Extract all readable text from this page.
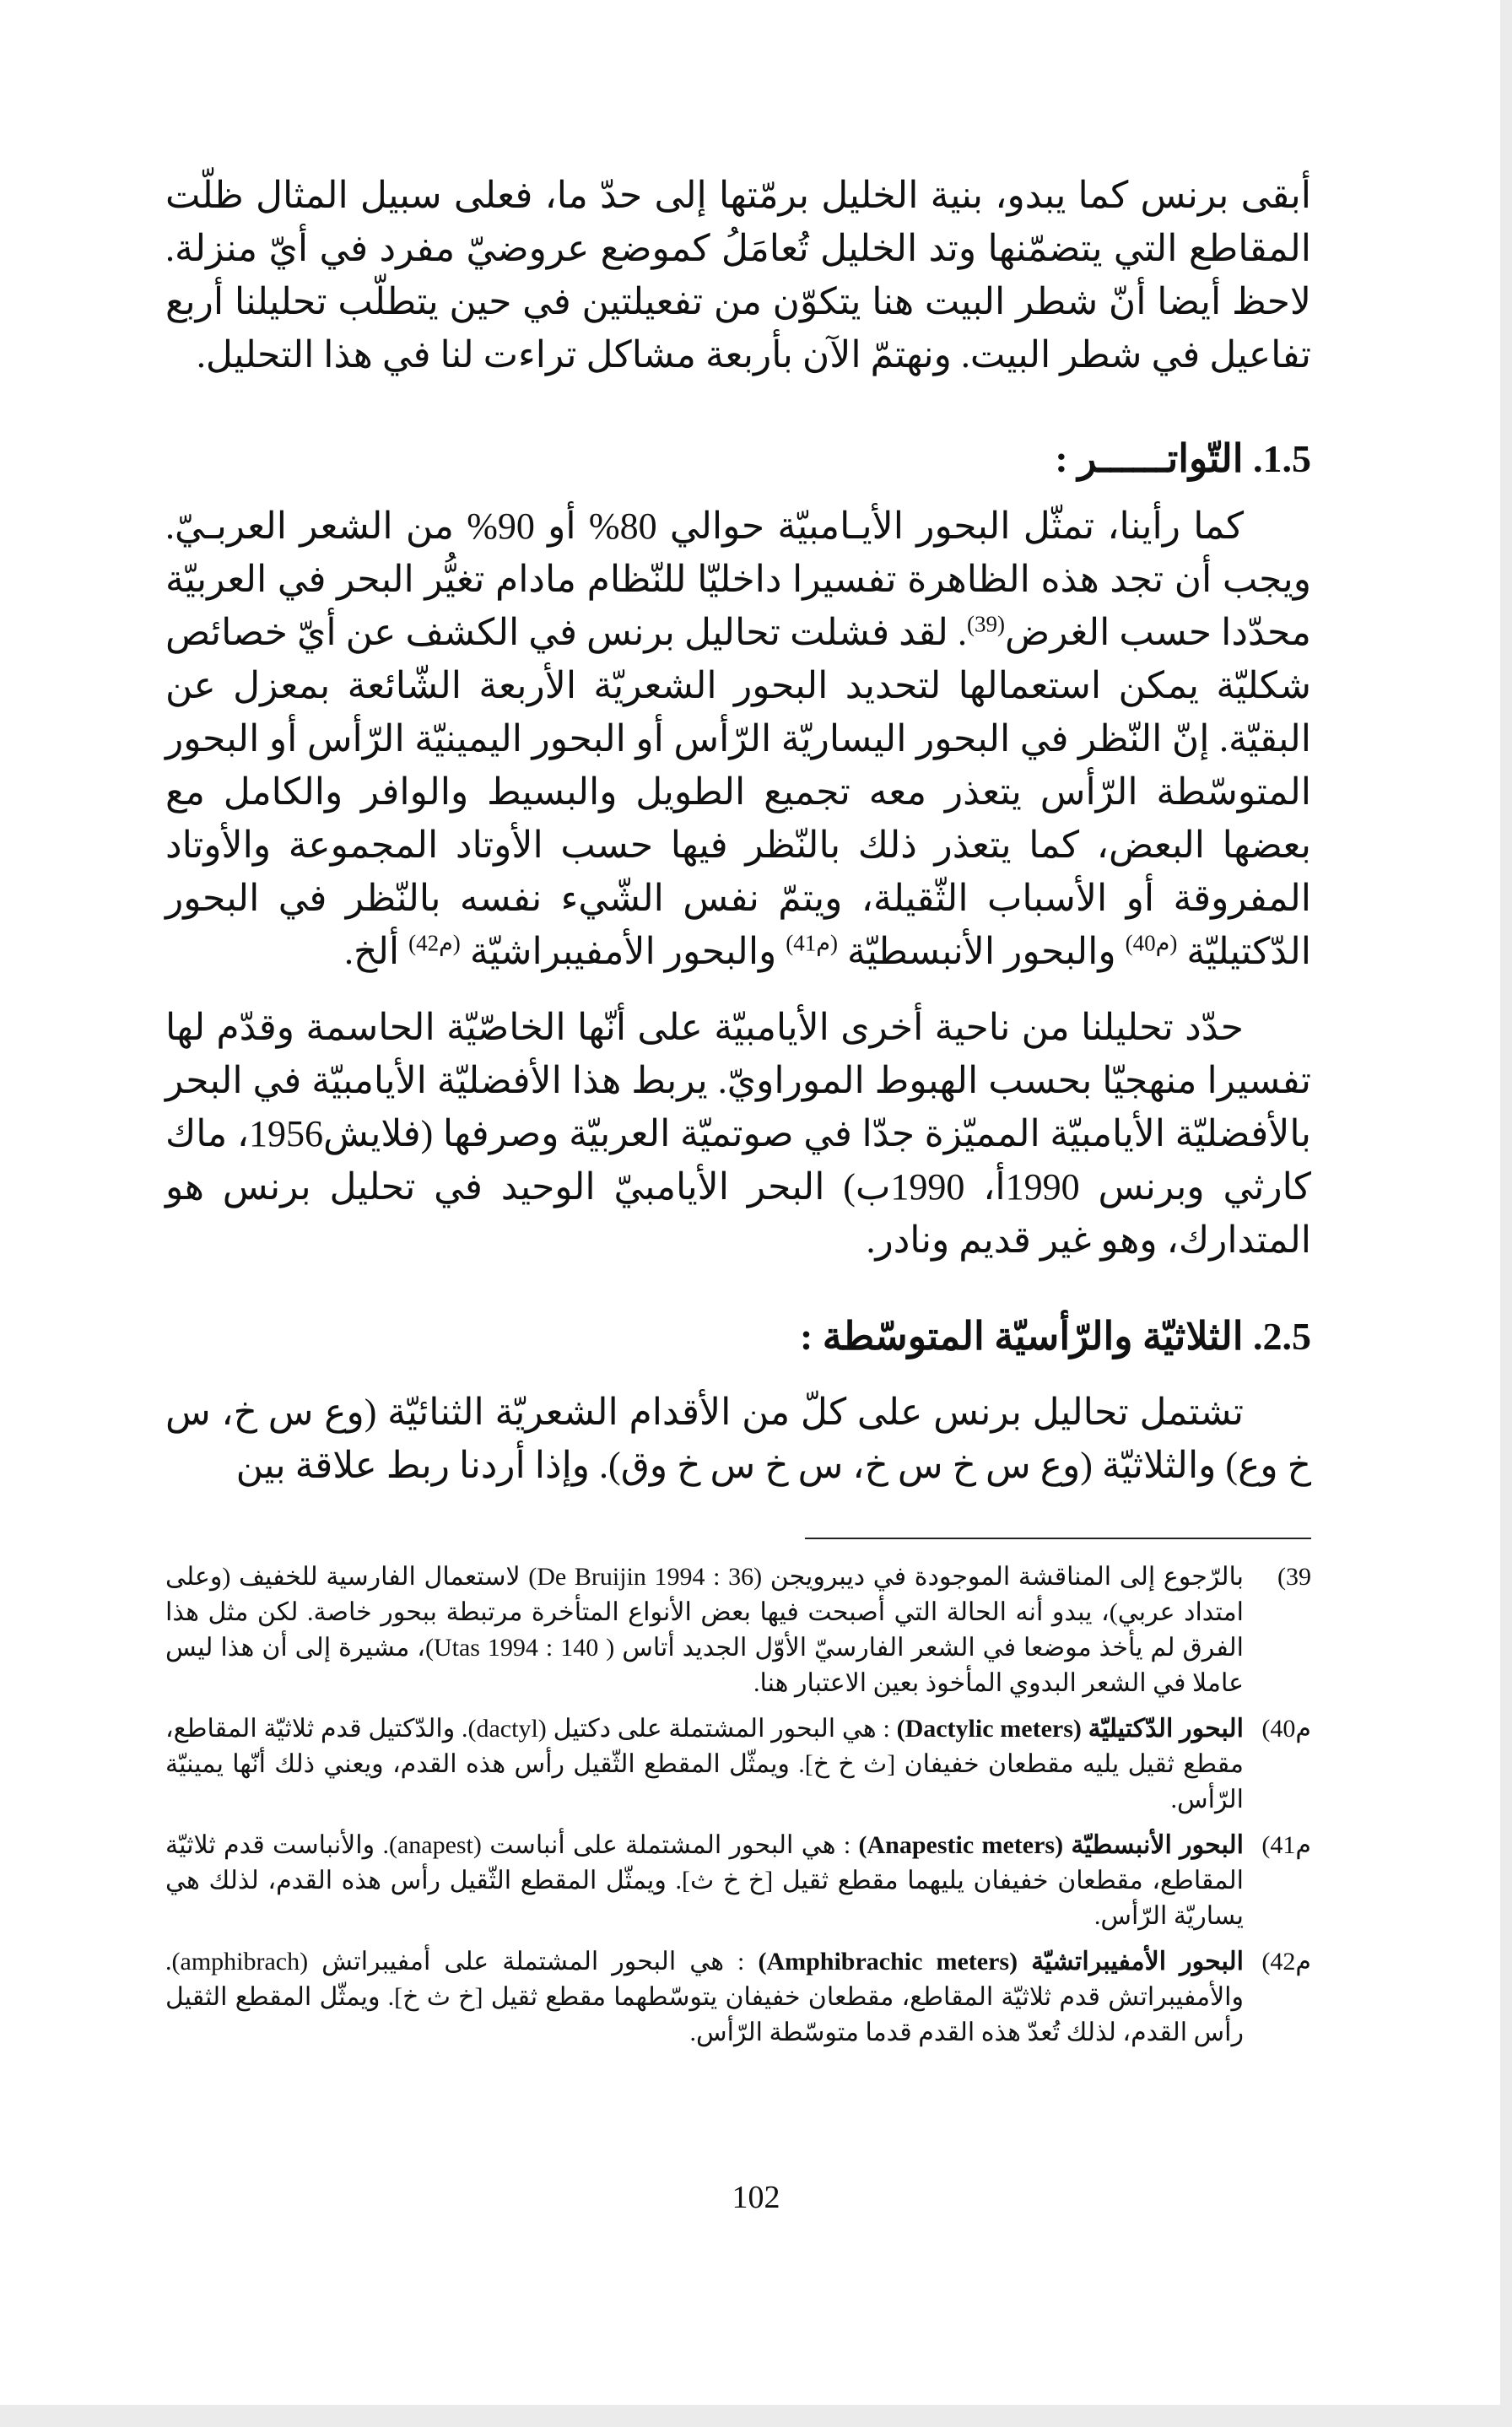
أبقى برنس كما يبدو، بنية الخليل برمّتها إلى حدّ ما، فعلى سبيل المثال ظلّت المقاطع التي يتضمّنها وتد الخليل تُعامَلُ كموضع عروضيّ مفرد في أيّ منزلة. لاحظ أيضا أنّ شطر البيت هنا يتكوّن من تفعيلتين في حين يتطلّب تحليلنا أربع تفاعيل في شطر البيت. ونهتمّ الآن بأربعة مشاكل تراءت لنا في هذا التحليل.

1.5. التّواتــــــر :

كما رأينا، تمثّل البحور الأيـامبيّة حوالي 80% أو 90% من الشعر العربـيّ. ويجب أن تجد هذه الظاهرة تفسيرا داخليّا للنّظام مادام تغيُّر البحر في العربيّة محدّدا حسب الغرض$^{(39)}$. لقد فشلت تحاليل برنس في الكشف عن أيّ خصائص شكليّة يمكن استعمالها لتحديد البحور الشعريّة الأربعة الشّائعة بمعزل عن البقيّة. إنّ النّظر في البحور اليساريّة الرّأس أو البحور اليمينيّة الرّأس أو البحور المتوسّطة الرّأس يتعذر معه تجميع الطويل والبسيط والوافر والكامل مع بعضها البعض، كما يتعذر ذلك بالنّظر فيها حسب الأوتاد المجموعة والأوتاد المفروقة أو الأسباب الثّقيلة، ويتمّ نفس الشّيء نفسه بالنّظر في البحور الدّكتيليّة $^{(م40)}$ والبحور الأنبسطيّة $^{(م41)}$ والبحور الأمفيبراشيّة $^{(م42)}$ ألخ.

حدّد تحليلنا من ناحية أخرى الأيامبيّة على أنّها الخاصّيّة الحاسمة وقدّم لها تفسيرا منهجيّا بحسب الهبوط الموراويّ. يربط هذا الأفضليّة الأيامبيّة في البحر بالأفضليّة الأيامبيّة المميّزة جدّا في صوتميّة العربيّة وصرفها (فلايش1956، ماك كارثي وبرنس 1990أ، 1990ب) البحر الأيامبيّ الوحيد في تحليل برنس هو المتدارك، وهو غير قديم ونادر.

2.5. الثلاثيّة والرّأسيّة المتوسّطة :

تشتمل تحاليل برنس على كلّ من الأقدام الشعريّة الثنائيّة (وع س خ، س خ وع) والثلاثيّة (وع س خ س خ، س خ س خ وق). وإذا أردنا ربط علاقة بين

39)
بالرّجوع إلى المناقشة الموجودة في ديبرويجن (De Bruijin 1994 : 36) لاستعمال الفارسية للخفيف (وعلى امتداد عربي)، يبدو أنه الحالة التي أصبحت فيها بعض الأنواع المتأخرة مرتبطة ببحور خاصة. لكن مثل هذا الفرق لم يأخذ موضعا في الشعر الفارسيّ الأوّل الجديد أتاس ( Utas 1994 : 140)، مشيرة إلى أن هذا ليس عاملا في الشعر البدوي المأخوذ بعين الاعتبار هنا.

م40)
البحور الدّكتيليّة (Dactylic meters) : هي البحور المشتملة على دكتيل (dactyl). والدّكتيل قدم ثلاثيّة المقاطع، مقطع ثقيل يليه مقطعان خفيفان [ث خ خ]. ويمثّل المقطع الثّقيل رأس هذه القدم، ويعني ذلك أنّها يمينيّة الرّأس.

م41)
البحور الأنبسطيّة (Anapestic meters) : هي البحور المشتملة على أنباست (anapest). والأنباست قدم ثلاثيّة المقاطع، مقطعان خفيفان يليهما مقطع ثقيل [خ خ ث]. ويمثّل المقطع الثّقيل رأس هذه القدم، لذلك هي يساريّة الرّأس.

م42)
البحور الأمفيبراتشيّة (Amphibrachic meters) : هي البحور المشتملة على أمفيبراتش (amphibrach). والأمفيبراتش قدم ثلاثيّة المقاطع، مقطعان خفيفان يتوسّطهما مقطع ثقيل [خ ث خ]. ويمثّل المقطع الثقيل رأس القدم، لذلك تُعدّ هذه القدم قدما متوسّطة الرّأس.

102
